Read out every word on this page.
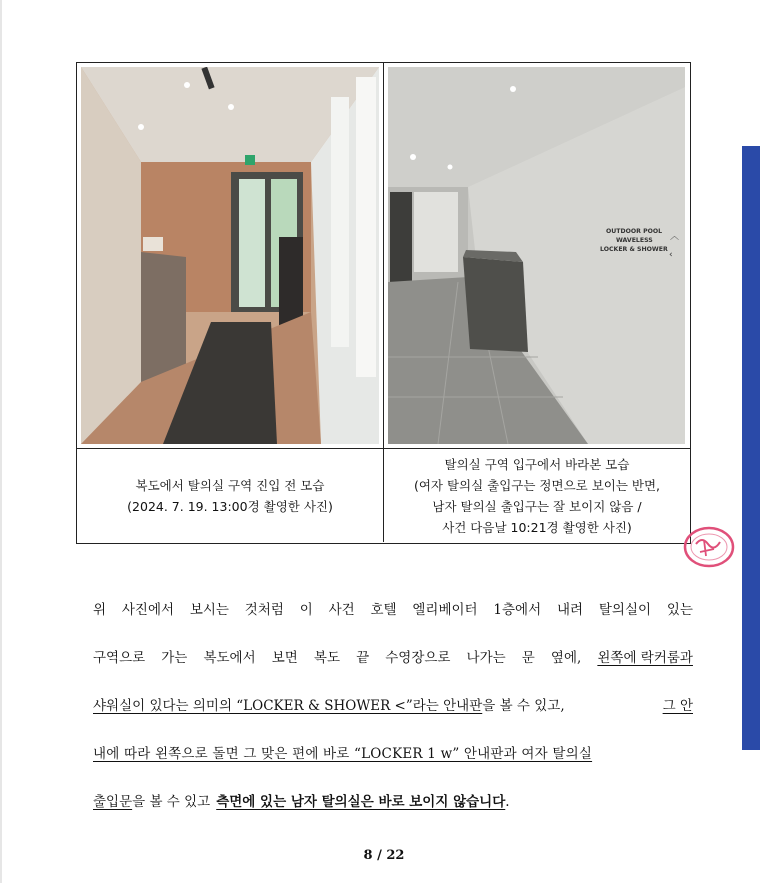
OUTDOOR POOL
WAVELESS
LOCKER & SHOWER
︿
‹
복도에서 탈의실 구역 진입 전 모습
(2024. 7. 19. 13:00경 촬영한 사진)
탈의실 구역 입구에서 바라본 모습
(여자 탈의실 출입구는 정면으로 보이는 반면,
남자 탈의실 출입구는 잘 보이지 않음 /
사건 다음날 10:21경 촬영한 사진)
위 사진에서 보시는 것처럼 이 사건 호텔 엘리베이터 1층에서 내려 탈의실이 있는
구역으로 가는 복도에서 보면 복도 끝 수영장으로 나가는 문 옆에, 왼쪽에 락커룸과
샤워실이 있다는 의미의 “LOCKER & SHOWER <”라는 안내판을 볼 수 있고,	그 안
내에 따라 왼쪽으로 돌면 그 맞은 편에 바로 “LOCKER 1 w” 안내판과 여자 탈의실
출입문을 볼 수 있고 측면에 있는 남자 탈의실은 바로 보이지 않습니다.
8 / 22
